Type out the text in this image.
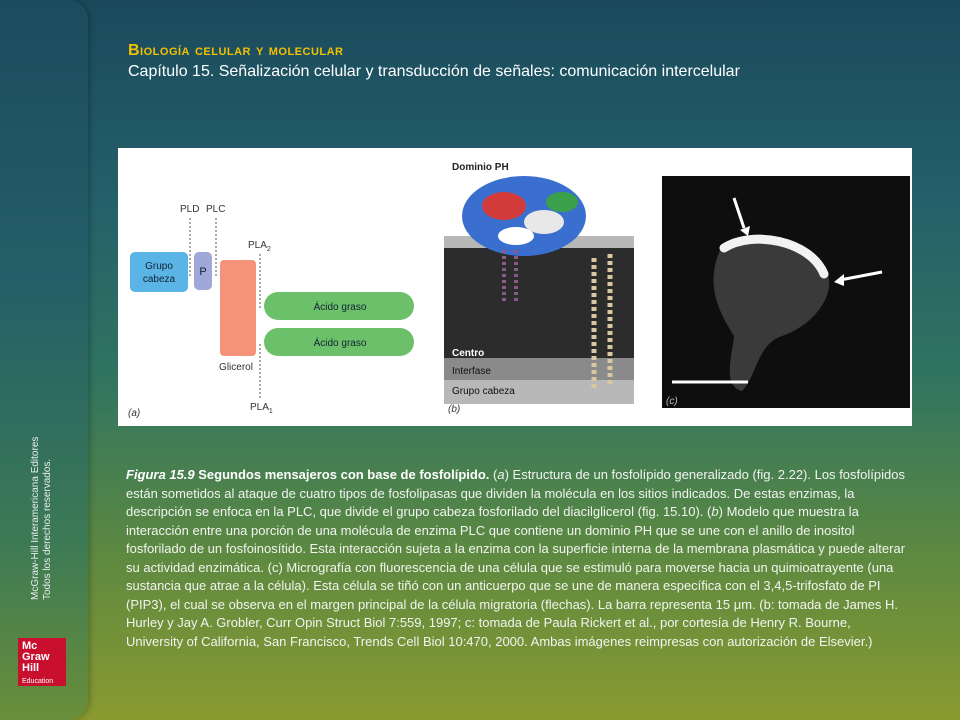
McGraw-Hill Interamericana Editores Todos los derechos reservados.
Mc
Graw
Hill
Education
Biología celular y molecular
Capítulo 15. Señalización celular y transducción de señales: comunicación intercelular
Grupo
cabeza
P
Glicerol
Ácido graso
Ácido graso
PLD PLC
$PLA_2$
$PLA_1$
(a)
Dominio PH
Centro
Interfase
Grupo cabeza
(b)
(c)
Figura 15.9 Segundos mensajeros con base de fosfolípido. (a) Estructura de un fosfolípido generalizado (fig. 2.22). Los fosfolípidos están sometidos al ataque de cuatro tipos de fosfolipasas que dividen la molécula en los sitios indicados. De estas enzimas, la descripción se enfoca en la PLC, que divide el grupo cabeza fosforilado del diacilglicerol (fig. 15.10). (b) Modelo que muestra la interacción entre una porción de una molécula de enzima PLC que contiene un dominio PH que se une con el anillo de inositol fosforilado de un fosfoinosítido. Esta interacción sujeta a la enzima con la superficie interna de la membrana plasmática y puede alterar su actividad enzimática. (c) Micrografía con fluorescencia de una célula que se estimuló para moverse hacia un quimioatrayente (una sustancia que atrae a la célula). Esta célula se tiñó con un anticuerpo que se une de manera específica con el 3,4,5-trifosfato de PI (PIP3), el cual se observa en el margen principal de la célula migratoria (flechas). La barra representa 15 μm. (b: tomada de James H. Hurley y Jay A. Grobler, Curr Opin Struct Biol 7:559, 1997; c: tomada de Paula Rickert et al., por cortesía de Henry R. Bourne, University of California, San Francisco, Trends Cell Biol 10:470, 2000. Ambas imágenes reimpresas con autorización de Elsevier.)
